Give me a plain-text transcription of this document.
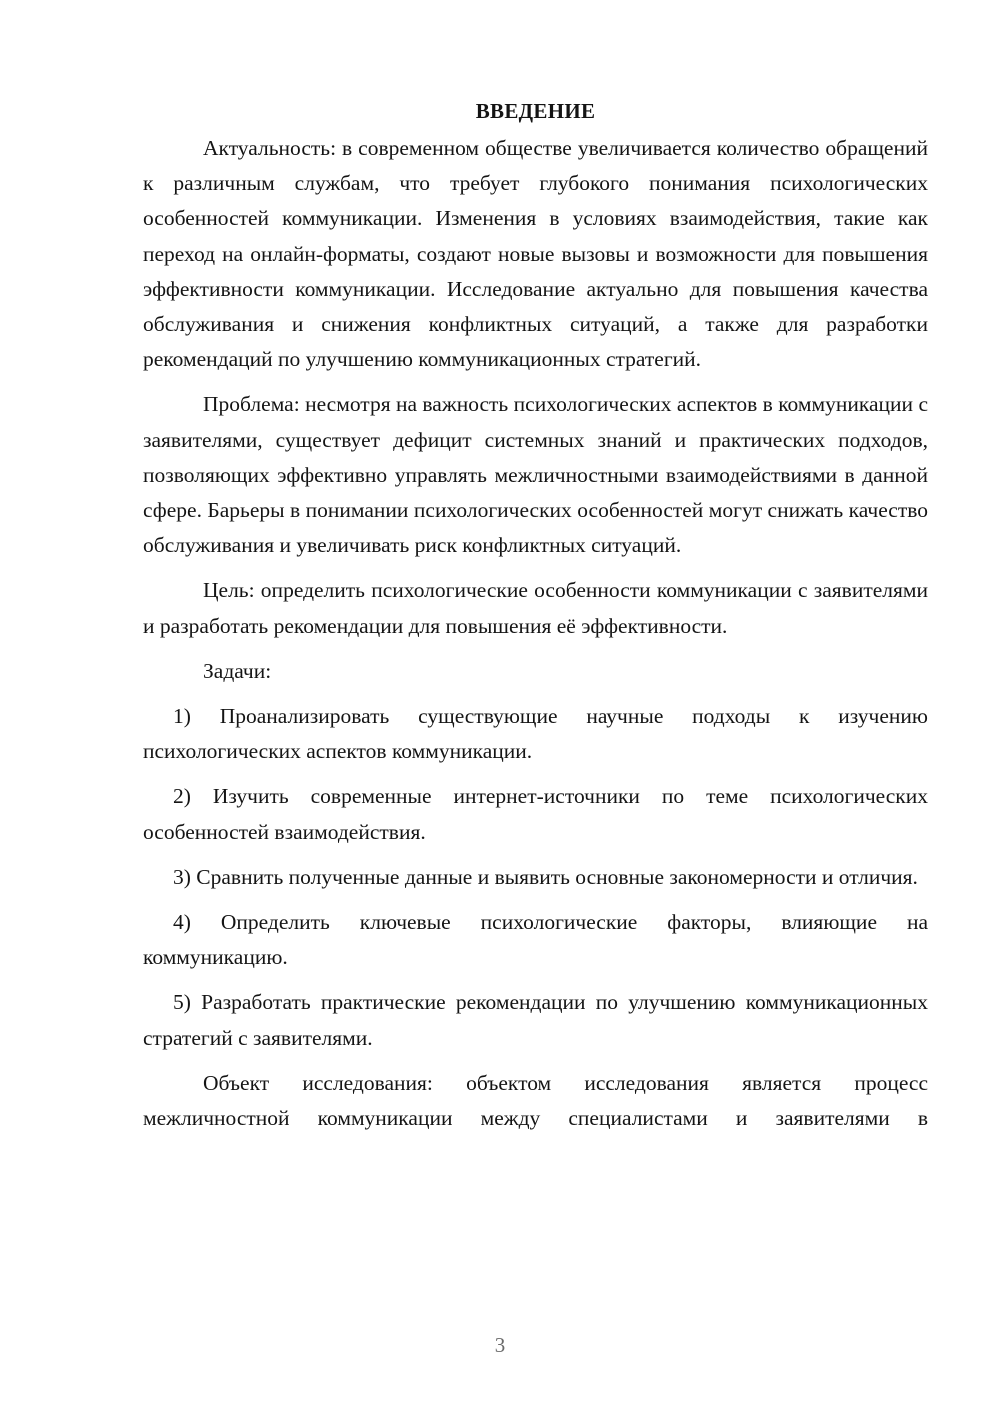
ВВЕДЕНИЕ

Актуальность: в современном обществе увеличивается количество обращений к различным службам, что требует глубокого понимания психологических особенностей коммуникации. Изменения в условиях взаимодействия, такие как переход на онлайн-форматы, создают новые вызовы и возможности для повышения эффективности коммуникации. Исследование актуально для повышения качества обслуживания и снижения конфликтных ситуаций, а также для разработки рекомендаций по улучшению коммуникационных стратегий.

Проблема: несмотря на важность психологических аспектов в коммуникации с заявителями, существует дефицит системных знаний и практических подходов, позволяющих эффективно управлять межличностными взаимодействиями в данной сфере. Барьеры в понимании психологических особенностей могут снижать качество обслуживания и увеличивать риск конфликтных ситуаций.

Цель: определить психологические особенности коммуникации с заявителями и разработать рекомендации для повышения её эффективности.

Задачи:

1) Проанализировать существующие научные подходы к изучению психологических аспектов коммуникации.

2) Изучить современные интернет-источники по теме психологических особенностей взаимодействия.

3) Сравнить полученные данные и выявить основные закономерности и отличия.

4) Определить ключевые психологические факторы, влияющие на коммуникацию.

5) Разработать практические рекомендации по улучшению коммуникационных стратегий с заявителями.

Объект исследования: объектом исследования является процесс межличностной коммуникации между специалистами и заявителями в

3
